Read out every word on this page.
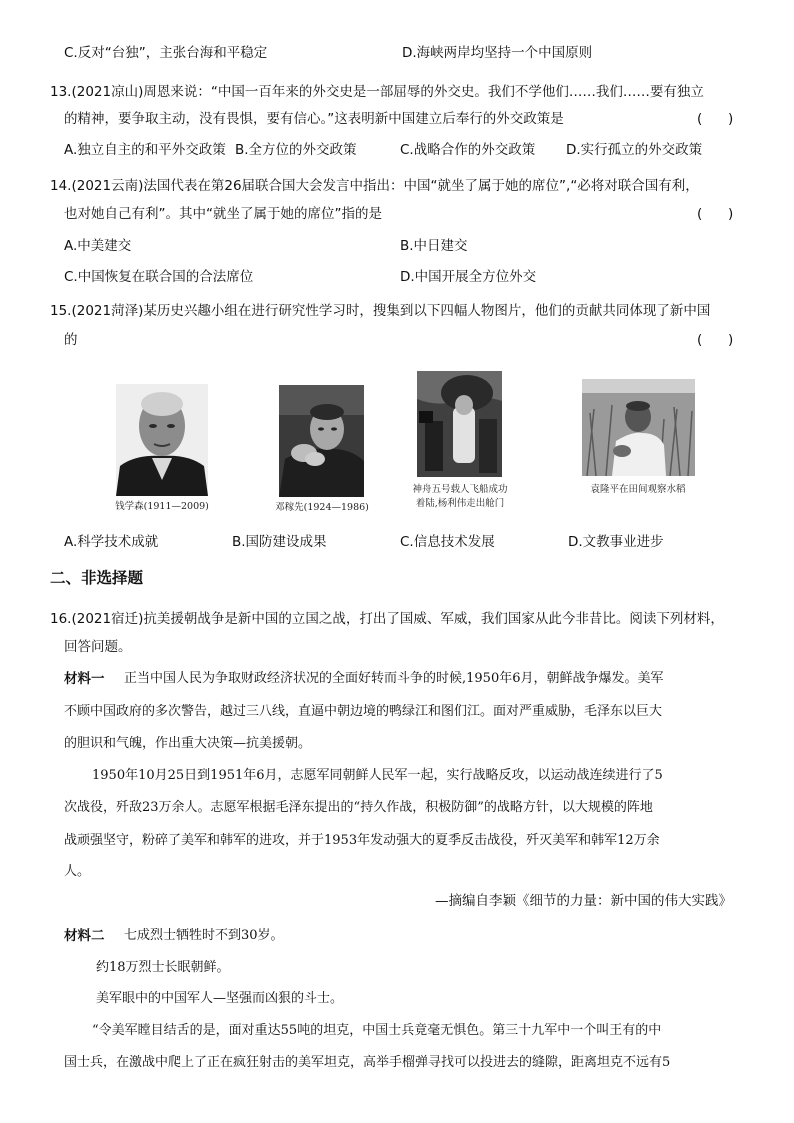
C.反对“台独”，主张台海和平稳定	D.海峡两岸均坚持一个中国原则
13.(2021凉山)周恩来说：“中国一百年来的外交史是一部屈辱的外交史。我们不学他们……我们……要有独立
的精神，要争取主动，没有畏惧，要有信心。”这表明新中国建立后奉行的外交政策是	(      )
A.独立自主的和平外交政策 B.全方位的外交政策	C.战略合作的外交政策 D.实行孤立的外交政策
14.(2021云南)法国代表在第26届联合国大会发言中指出：中国“就坐了属于她的席位”,“必将对联合国有利，
也对她自己有利”。其中“就坐了属于她的席位”指的是	(      )
A.中美建交	B.中日建交
C.中国恢复在联合国的合法席位	D.中国开展全方位外交
15.(2021菏泽)某历史兴趣小组在进行研究性学习时，搜集到以下四幅人物图片，他们的贡献共同体现了新中国
的	(      )
钱学森(1911—2009)	邓稼先(1924—1986)
神舟五号载人飞船成功
着陆,杨利伟走出舱门
袁隆平在田间观察水稻
A.科学技术成就	B.国防建设成果	C.信息技术发展	D.文教事业进步
二、非选择题
16.(2021宿迁)抗美援朝战争是新中国的立国之战，打出了国威、军威，我们国家从此今非昔比。阅读下列材料，
回答问题。
材料一 正当中国人民为争取财政经济状况的全面好转而斗争的时候,1950年6月，朝鲜战争爆发。美军
不顾中国政府的多次警告，越过三八线，直逼中朝边境的鸭绿江和图们江。面对严重威胁，毛泽东以巨大
的胆识和气魄，作出重大决策—抗美援朝。
1950年10月25日到1951年6月，志愿军同朝鲜人民军一起，实行战略反攻，以运动战连续进行了5
次战役，歼敌23万余人。志愿军根据毛泽东提出的“持久作战，积极防御”的战略方针，以大规模的阵地
战顽强坚守，粉碎了美军和韩军的进攻，并于1953年发动强大的夏季反击战役，歼灭美军和韩军12万余
人。
—摘编自李颖《细节的力量：新中国的伟大实践》
材料二 七成烈士牺牲时不到30岁。
约18万烈士长眠朝鲜。
美军眼中的中国军人—坚强而凶狠的斗士。
“令美军瞠目结舌的是，面对重达55吨的坦克，中国士兵竟毫无惧色。第三十九军中一个叫王有的中
国士兵，在激战中爬上了正在疯狂射击的美军坦克，高举手榴弹寻找可以投进去的缝隙，距离坦克不远有5
